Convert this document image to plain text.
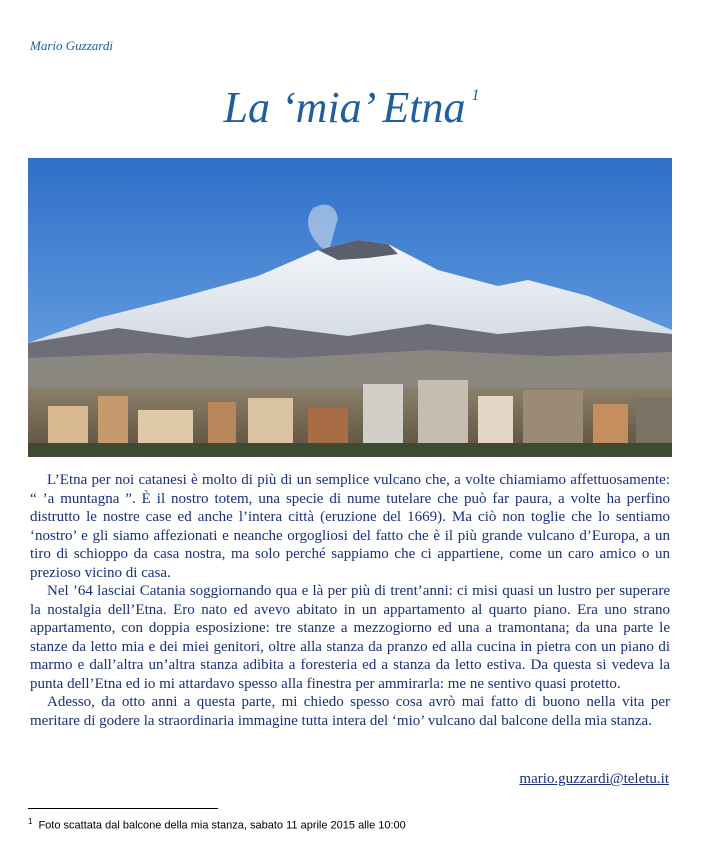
Mario Guzzardi
La ‘mia’ Etna $^1$

L’Etna per noi catanesi è molto di più di un semplice vulcano che, a volte chiamiamo affettuosamente: “ ’a muntagna ”. È il nostro totem, una specie di nume tutelare che può far paura, a volte ha perfino distrutto le nostre case ed anche l’intera città (eruzione del 1669). Ma ciò non toglie che lo sentiamo ‘nostro’ e gli siamo affezionati e neanche orgogliosi del fatto che è il più grande vulcano d’Europa, a un tiro di schioppo da casa nostra, ma solo perché sappiamo che ci appartiene, come un caro amico o un prezioso vicino di casa.

Nel ’64 lasciai Catania soggiornando qua e là per più di trent’anni: ci misi quasi un lustro per superare la nostalgia dell’Etna. Ero nato ed avevo abitato in un appartamento al quarto piano. Era uno strano appartamento, con doppia esposizione: tre stanze a mezzogiorno ed una a tramontana; da una parte le stanze da letto mia e dei miei genitori, oltre alla stanza da pranzo ed alla cucina in pietra con un piano di marmo e dall’altra un’altra stanza adibita a foresteria ed a stanza da letto estiva. Da questa si vedeva la punta dell’Etna ed io mi attardavo spesso alla finestra per ammirarla: me ne sentivo quasi protetto.

Adesso, da otto anni a questa parte, mi chiedo spesso cosa avrò mai fatto di buono nella vita per meritare di godere la straordinaria immagine tutta intera del ‘mio’ vulcano dal balcone della mia stanza.

mario.guzzardi@teletu.it
$^1$ Foto scattata dal balcone della mia stanza, sabato 11 aprile 2015 alle 10:00
